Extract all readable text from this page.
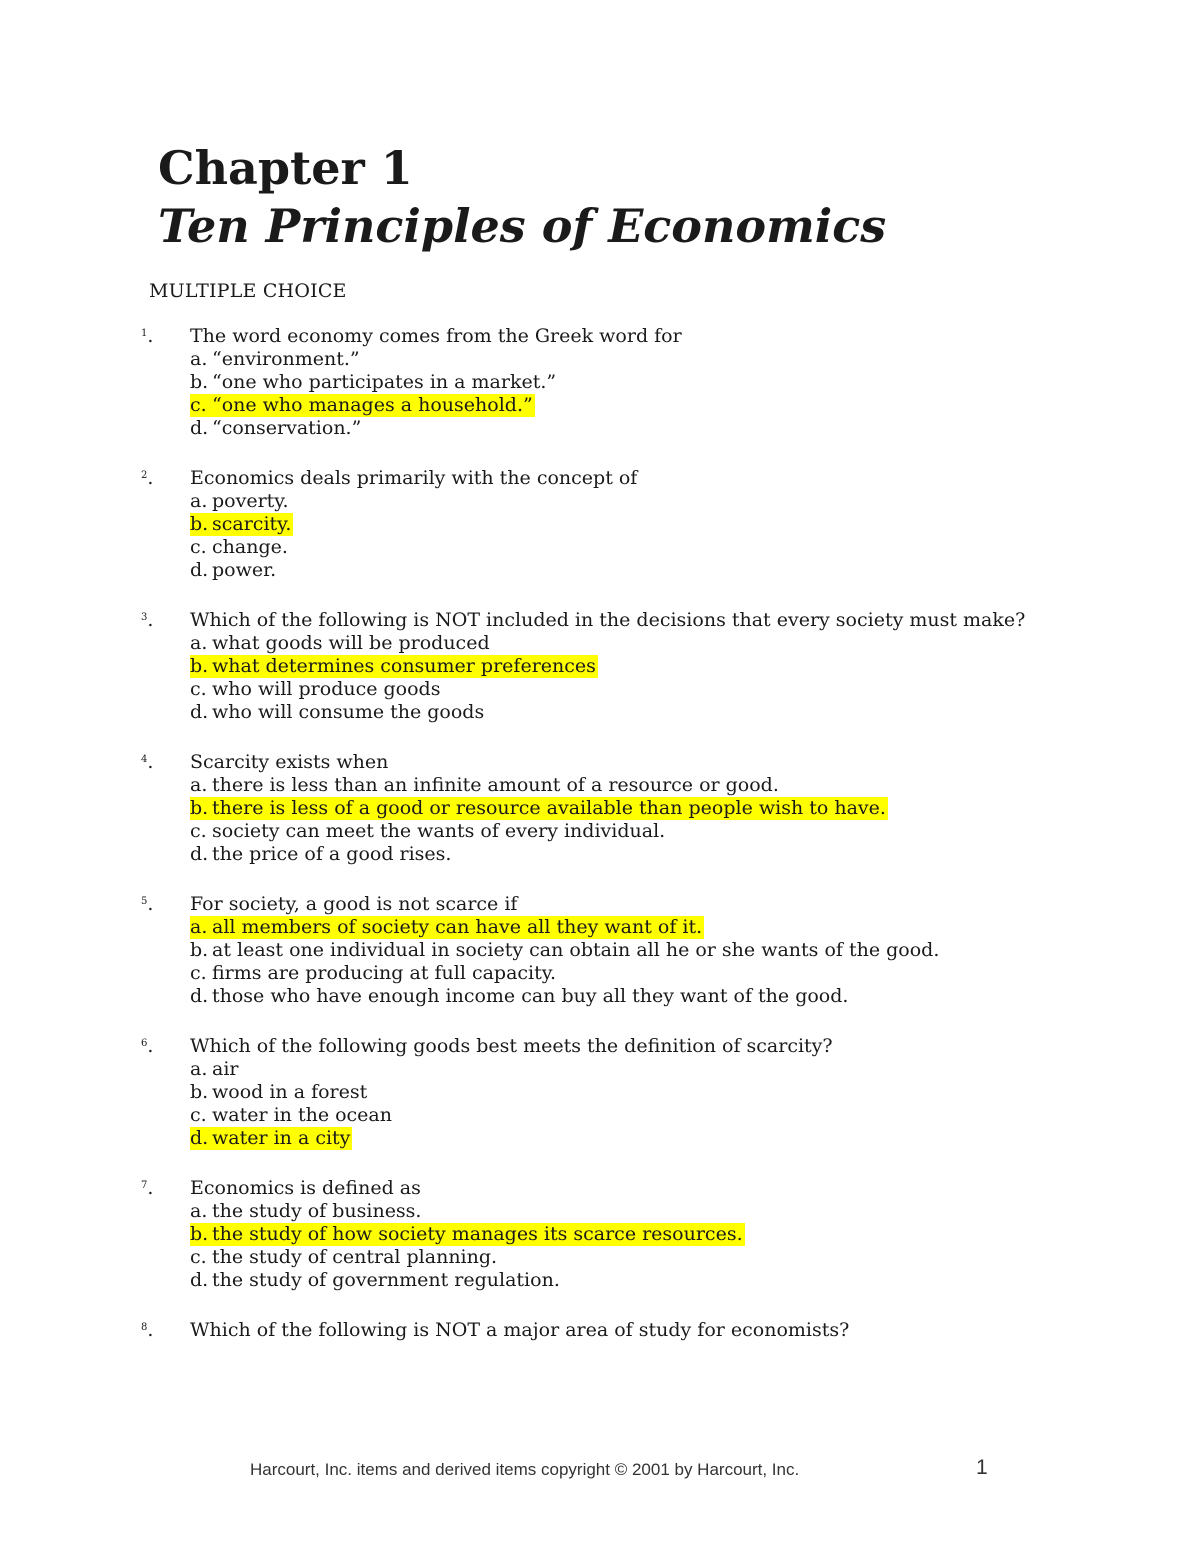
Chapter 1
Ten Principles of Economics
MULTIPLE CHOICE
$^1$. The word economy comes from the Greek word for
a. “environment.”
b. “one who participates in a market.”
c. “one who manages a household.”
d. “conservation.”
$^2$. Economics deals primarily with the concept of
a. poverty.
b. scarcity.
c. change.
d. power.
$^3$. Which of the following is NOT included in the decisions that every society must make?
a. what goods will be produced
b. what determines consumer preferences
c. who will produce goods
d. who will consume the goods
$^4$. Scarcity exists when
a. there is less than an infinite amount of a resource or good.
b. there is less of a good or resource available than people wish to have.
c. society can meet the wants of every individual.
d. the price of a good rises.
$^5$. For society, a good is not scarce if
a. all members of society can have all they want of it.
b. at least one individual in society can obtain all he or she wants of the good.
c. firms are producing at full capacity.
d. those who have enough income can buy all they want of the good.
$^6$. Which of the following goods best meets the definition of scarcity?
a. air
b. wood in a forest
c. water in the ocean
d. water in a city
$^7$. Economics is defined as
a. the study of business.
b. the study of how society manages its scarce resources.
c. the study of central planning.
d. the study of government regulation.
$^8$. Which of the following is NOT a major area of study for economists?
Harcourt, Inc. items and derived items copyright © 2001 by Harcourt, Inc.	1
